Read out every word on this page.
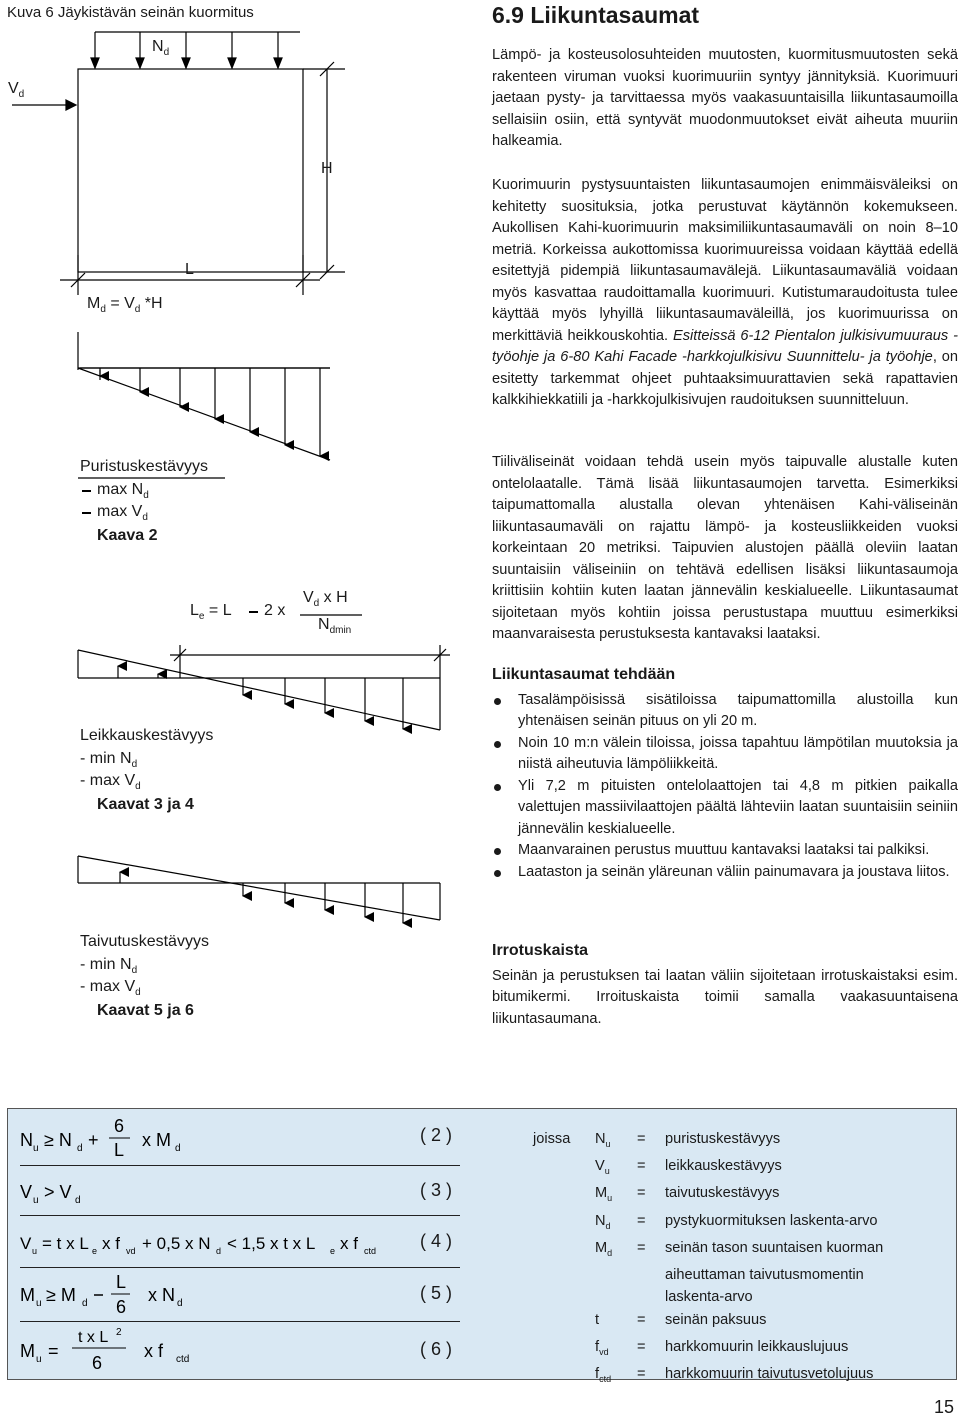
Kuva 6 Jäykistävän seinän kuormitus
$V_d$
$N_d$
H
L
$M_d = V_d$ *H
Puristuskestävyys
$\max N_d$
$\max V_d$
Kaava 2
$L_e = L$ 2 x
$V_d$ x H
$N_{dmin}$
Leikkauskestävyys
- $\min N_d$
- $\max V_d$
Kaavat 3 ja 4
Taivutuskestävyys
- $\min N_d$
- $\max V_d$
Kaavat 5 ja 6
6.9 Liikuntasaumat

Lämpö- ja kosteusolosuhteiden muutosten, kuormitusmuutosten sekä rakenteen viruman vuoksi kuorimuuriin syntyy jännityksiä. Kuorimuuri jaetaan pysty- ja tarvittaessa myös vaakasuuntaisilla liikuntasaumoilla sellaisiin osiin, että syntyvät muodonmuutokset eivät aiheuta muuriin halkeamia.

Kuorimuurin pystysuuntaisten liikuntasaumojen enimmäisväleiksi on kehitetty suosituksia, jotka perustuvat käytännön kokemukseen. Aukollisen Kahi-kuorimuurin maksimiliikuntasaumaväli on noin 8–10 metriä. Korkeissa aukottomissa kuorimuureissa voidaan käyttää edellä esitettyjä pidempiä liikuntasaumavälejä. Liikuntasaumaväliä voidaan myös kasvattaa raudoittamalla kuorimuuri. Kutistumaraudoitusta tulee käyttää myös lyhyillä liikuntasaumaväleillä, jos kuorimuurissa on merkittäviä heikkouskohtia. Esitteissä 6-12 Pientalon julkisivumuuraus -työohje ja 6-80 Kahi Facade -harkkojulkisivu Suunnittelu- ja työohje, on esitetty tarkemmat ohjeet puhtaaksimuurattavien sekä rapattavien kalkkihiekkatiili ja -harkkojulkisivujen raudoituksen suunnitteluun.

Tiiliväliseinät voidaan tehdä usein myös taipuvalle alustalle kuten ontelolaatalle. Tämä lisää liikuntasaumojen tarvetta. Esimerkiksi taipumattomalla alustalla olevan yhtenäisen Kahi-väliseinän liikuntasaumaväli on rajattu lämpö- ja kosteusliikkeiden vuoksi korkeintaan 20 metriksi. Taipuvien alustojen päällä oleviin laatan suuntaisiin väliseiniin on tehtävä edellisen lisäksi liikuntasaumoja kriittisiin kohtiin kuten laatan jännevälin keskialueelle. Liikuntasaumat sijoitetaan myös kohtiin joissa perustustapa muuttuu esimerkiksi maanvaraisesta perustuksesta kantavaksi laataksi.

Liikuntasaumat tehdään
Tasalämpöisissä sisätiloissa taipumattomilla alustoilla kun yhtenäisen seinän pituus on yli 20 m.
Noin 10 m:n välein tiloissa, joissa tapahtuu lämpötilan muutoksia ja niistä aiheutuvia lämpöliikkeitä.
Yli 7,2 m pituisten ontelolaattojen tai 4,8 m pitkien paikalla valettujen massiivilaattojen päältä lähteviin laatan suuntaisiin seiniin jännevälin keskialueelle.
Maanvarainen perustus muuttuu kantavaksi laataksi tai palkiksi.
Laataston ja seinän yläreunan väliin painumavara ja joustava liitos.
Irrotuskaista

Seinän ja perustuksen tai laatan väliin sijoitetaan irrotuskaistaksi esim. bitumikermi. Irroituskaista toimii samalla vaakasuuntaisena liikuntasaumana.

N u ≥ N d +
6
L x M d
( 2 )
V u > V d
( 3 )
V u = t x L e x f vd + 0,5 x N d < 1,5 x t x L e x f ctd ( 4 )
M u ≥ M d
L
6
x N d
( 5 )
M u =
t x L 2
6
x f ctd
( 6 )
joissa	$N_u$	=	puristuskestävyys
	$V_u$	=	leikkauskestävyys
	$M_u$	=	taivutuskestävyys
	$N_d$	=	pystykuormituksen laskenta-arvo
	$M_d$	=	seinän tason suuntaisen kuorman
			aiheuttaman taivutusmomentin
			laskenta-arvo
	t	=	seinän paksuus
	$f_{vd}$	=	harkkomuurin leikkauslujuus
	$f_{ctd}$	=	harkkomuurin taivutusvetolujuus
15
